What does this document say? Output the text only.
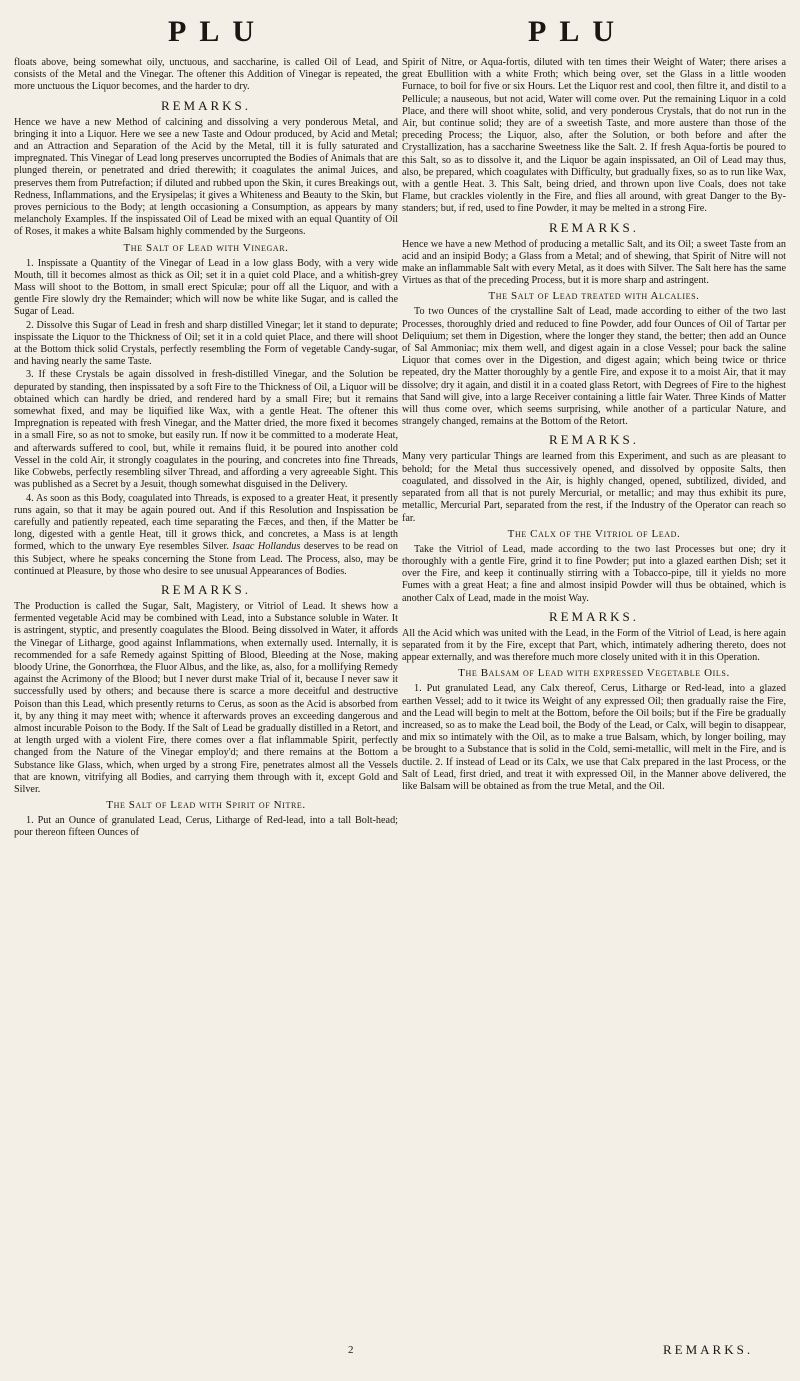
PLU	PLU

floats above, being somewhat oily, unctuous, and saccharine, is called Oil of Lead, and consists of the Metal and the Vinegar. The oftener this Addition of Vinegar is repeated, the more unctuous the Liquor becomes, and the harder to dry.

REMARKS.

Hence we have a new Method of calcining and dissolving a very ponderous Metal, and bringing it into a Liquor. Here we see a new Taste and Odour produced, by Acid and Metal; and an Attraction and Separation of the Acid by the Metal, till it is fully saturated and impregnated. This Vinegar of Lead long preserves uncorrupted the Bodies of Animals that are plunged therein, or penetrated and dried therewith; it coagulates the animal Juices, and preserves them from Putrefaction; if diluted and rubbed upon the Skin, it cures Breakings out, Redness, Inflammations, and the Erysipelas; it gives a Whiteness and Beauty to the Skin, but proves pernicious to the Body; at length occasioning a Consumption, as appears by many melancholy Examples. If the inspissated Oil of Lead be mixed with an equal Quantity of Oil of Roses, it makes a white Balsam highly commended by the Surgeons.

The Salt of Lead with Vinegar.

1. Inspissate a Quantity of the Vinegar of Lead in a low glass Body, with a very wide Mouth, till it becomes almost as thick as Oil; set it in a quiet cold Place, and a whitish-grey Mass will shoot to the Bottom, in small erect Spiculæ; pour off all the Liquor, and with a gentle Fire slowly dry the Remainder; which will now be white like Sugar, and is called the Sugar of Lead.

2. Dissolve this Sugar of Lead in fresh and sharp distilled Vinegar; let it stand to depurate; inspissate the Liquor to the Thickness of Oil; set it in a cold quiet Place, and there will shoot at the Bottom thick solid Crystals, perfectly resembling the Form of vegetable Candy-sugar, and having nearly the same Taste.

3. If these Crystals be again dissolved in fresh-distilled Vinegar, and the Solution be depurated by standing, then inspissated by a soft Fire to the Thickness of Oil, a Liquor will be obtained which can hardly be dried, and rendered hard by a small Fire; but it remains somewhat fixed, and may be liquified like Wax, with a gentle Heat. The oftener this Impregnation is repeated with fresh Vinegar, and the Matter dried, the more fixed it becomes in a small Fire, so as not to smoke, but easily run. If now it be committed to a moderate Heat, and afterwards suffered to cool, but, while it remains fluid, it be poured into another cold Vessel in the cold Air, it strongly coagulates in the pouring, and concretes into fine Threads, like Cobwebs, perfectly resembling silver Thread, and affording a very agreeable Sight. This was published as a Secret by a Jesuit, though somewhat disguised in the Delivery.

4. As soon as this Body, coagulated into Threads, is exposed to a greater Heat, it presently runs again, so that it may be again poured out. And if this Resolution and Inspissation be carefully and patiently repeated, each time separating the Fæces, and then, if the Matter be long, digested with a gentle Heat, till it grows thick, and concretes, a Mass is at length formed, which to the unwary Eye resembles Silver. Isaac Hollandus deserves to be read on this Subject, where he speaks concerning the Stone from Lead. The Process, also, may be continued at Pleasure, by those who desire to see unusual Appearances of Bodies.

REMARKS.

The Production is called the Sugar, Salt, Magistery, or Vitriol of Lead. It shews how a fermented vegetable Acid may be combined with Lead, into a Substance soluble in Water. It is astringent, styptic, and presently coagulates the Blood. Being dissolved in Water, it affords the Vinegar of Litharge, good against Inflammations, when externally used. Internally, it is recommended for a safe Remedy against Spitting of Blood, Bleeding at the Nose, making bloody Urine, the Gonorrhœa, the Fluor Albus, and the like, as, also, for a mollifying Remedy against the Acrimony of the Blood; but I never durst make Trial of it, because I never saw it successfully used by others; and because there is scarce a more deceitful and destructive Poison than this Lead, which presently returns to Cerus, as soon as the Acid is absorbed from it, by any thing it may meet with; whence it afterwards proves an exceeding dangerous and almost incurable Poison to the Body. If the Salt of Lead be gradually distilled in a Retort, and at length urged with a violent Fire, there comes over a flat inflammable Spirit, perfectly changed from the Nature of the Vinegar employ'd; and there remains at the Bottom a Substance like Glass, which, when urged by a strong Fire, penetrates almost all the Vessels that are known, vitrifying all Bodies, and carrying them through with it, except Gold and Silver.

The Salt of Lead with Spirit of Nitre.

1. Put an Ounce of granulated Lead, Cerus, Litharge of Red-lead, into a tall Bolt-head; pour thereon fifteen Ounces of

Spirit of Nitre, or Aqua-fortis, diluted with ten times their Weight of Water; there arises a great Ebullition with a white Froth; which being over, set the Glass in a little wooden Furnace, to boil for five or six Hours. Let the Liquor rest and cool, then filtre it, and distil to a Pellicule; a nauseous, but not acid, Water will come over. Put the remaining Liquor in a cold Place, and there will shoot white, solid, and very ponderous Crystals, that do not run in the Air, but continue solid; they are of a sweetish Taste, and more austere than those of the preceding Process; the Liquor, also, after the Solution, or both before and after the Crystallization, has a saccharine Sweetness like the Salt. 2. If fresh Aqua-fortis be poured to this Salt, so as to dissolve it, and the Liquor be again inspissated, an Oil of Lead may thus, also, be prepared, which coagulates with Difficulty, but gradually fixes, so as to run like Wax, with a gentle Heat. 3. This Salt, being dried, and thrown upon live Coals, does not take Flame, but crackles violently in the Fire, and flies all around, with great Danger to the By-standers; but, if red, used to fine Powder, it may be melted in a strong Fire.

REMARKS.

Hence we have a new Method of producing a metallic Salt, and its Oil; a sweet Taste from an acid and an insipid Body; a Glass from a Metal; and of shewing, that Spirit of Nitre will not make an inflammable Salt with every Metal, as it does with Silver. The Salt here has the same Virtues as that of the preceding Process, but it is more sharp and astringent.

The Salt of Lead treated with Alcalies.

To two Ounces of the crystalline Salt of Lead, made according to either of the two last Processes, thoroughly dried and reduced to fine Powder, add four Ounces of Oil of Tartar per Deliquium; set them in Digestion, where the longer they stand, the better; then add an Ounce of Sal Ammoniac; mix them well, and digest again in a close Vessel; pour back the saline Liquor that comes over in the Digestion, and digest again; which being twice or thrice repeated, dry the Matter thoroughly by a gentle Fire, and expose it to a moist Air, that it may dissolve; dry it again, and distil it in a coated glass Retort, with Degrees of Fire to the highest that Sand will give, into a large Receiver containing a little fair Water. Three Kinds of Matter will thus come over, which seems surprising, while another of a particular Nature, and strangely changed, remains at the Bottom of the Retort.

REMARKS.

Many very particular Things are learned from this Experiment, and such as are pleasant to behold; for the Metal thus successively opened, and dissolved by opposite Salts, then coagulated, and dissolved in the Air, is highly changed, opened, subtilized, divided, and separated from all that is not purely Mercurial, or metallic; and may thus exhibit its pure, metallic, Mercurial Part, separated from the rest, if the Industry of the Operator can reach so far.

The Calx of the Vitriol of Lead.

Take the Vitriol of Lead, made according to the two last Processes but one; dry it thoroughly with a gentle Fire, grind it to fine Powder; put into a glazed earthen Dish; set it over the Fire, and keep it continually stirring with a Tobacco-pipe, till it yields no more Fumes with a great Heat; a fine and almost insipid Powder will thus be obtained, which is another Calx of Lead, made in the moist Way.

REMARKS.

All the Acid which was united with the Lead, in the Form of the Vitriol of Lead, is here again separated from it by the Fire, except that Part, which, intimately adhering thereto, does not appear externally, and was therefore much more closely united with it in this Operation.

The Balsam of Lead with expressed Vegetable Oils.

1. Put granulated Lead, any Calx thereof, Cerus, Litharge or Red-lead, into a glazed earthen Vessel; add to it twice its Weight of any expressed Oil; then gradually raise the Fire, and the Lead will begin to melt at the Bottom, before the Oil boils; but if the Fire be gradually increased, so as to make the Lead boil, the Body of the Lead, or Calx, will begin to disappear, and mix so intimately with the Oil, as to make a true Balsam, which, by longer boiling, may be brought to a Substance that is solid in the Cold, semi-metallic, will melt in the Fire, and is ductile. 2. If instead of Lead or its Calx, we use that Calx prepared in the last Process, or the Salt of Lead, first dried, and treat it with expressed Oil, in the Manner above delivered, the like Balsam will be obtained as from the true Metal, and the Oil.

2	REMARKS.
